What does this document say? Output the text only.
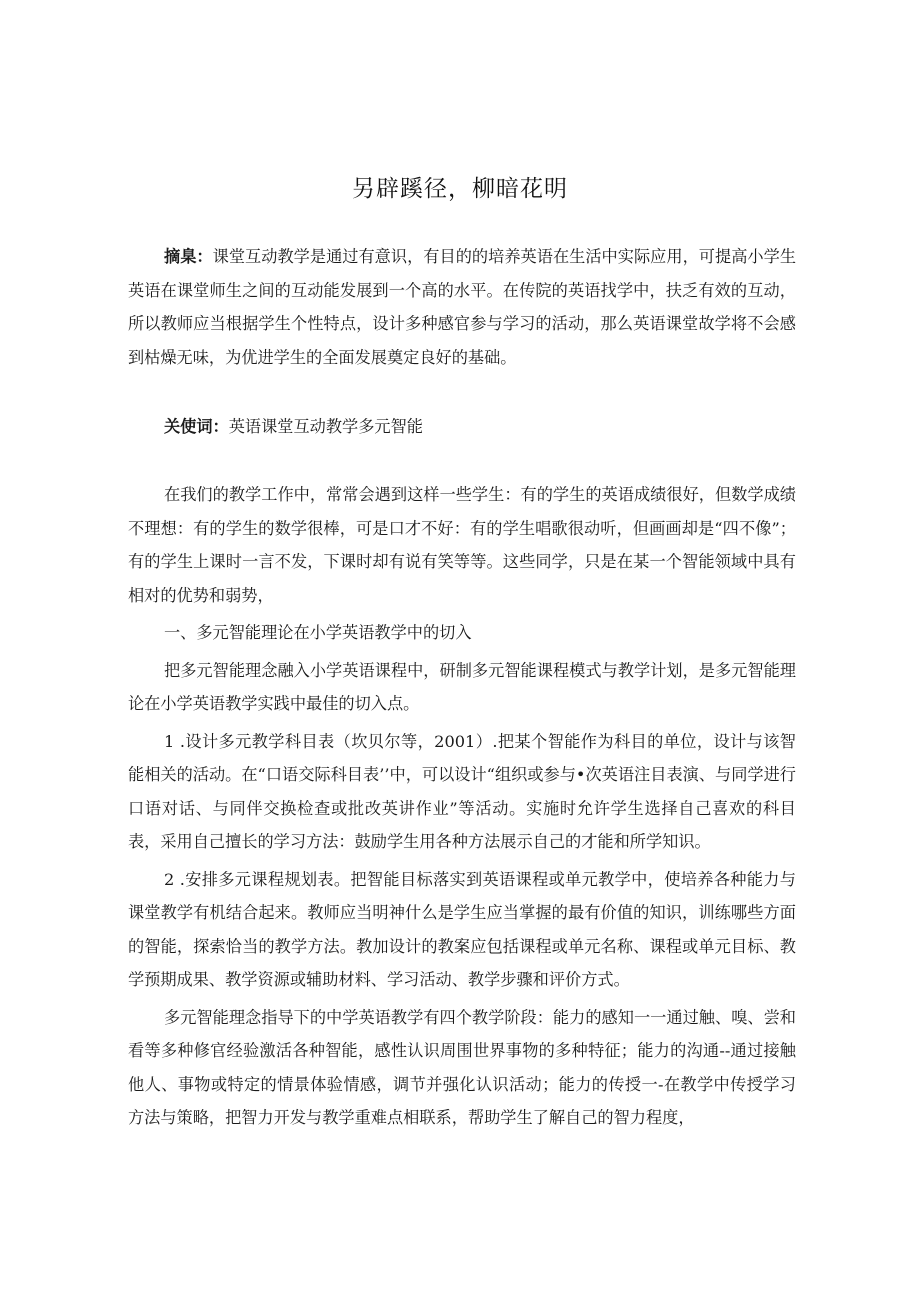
另辟蹊径，柳暗花明
摘臬：课堂互动教学是通过有意识，有目的的培养英语在生活中实际应用，可提高小学生英语在课堂师生之间的互动能发展到一个高的水平。在传院的英语找学中，扶乏有效的互动，所以教师应当根据学生个性特点，设计多种感官参与学习的活动，那么英语课堂故学将不会感到枯燥无味，为优进学生的全面发展奠定良好的基础。
关使词：英语课堂互动教学多元智能

在我们的教学工作中，常常会遇到这样一些学生：有的学生的英语成绩很好，但数学成绩不理想：有的学生的数学很棒，可是口才不好：有的学生唱歌很动听，但画画却是“四不像”；有的学生上课时一言不发，下课时却有说有笑等等。这些同学，只是在某一个智能领域中具有相对的优势和弱势，

一、多元智能理论在小学英语教学中的切入

把多元智能理念融入小学英语课程中，研制多元智能课程模式与教学计划，是多元智能理论在小学英语教学实践中最佳的切入点。

1 .设计多元教学科目表（坎贝尔等，2001）.把某个智能作为科目的单位，设计与该智能相关的活动。在“口语交际科目表’’中，可以设计“组织或参与•次英语注目表演、与同学进行口语对话、与同伴交换检查或批改英讲作业”等活动。实施时允许学生选择自己喜欢的科目表，采用自己擅长的学习方法：鼓励学生用各种方法展示自己的才能和所学知识。

2 .安排多元课程规划表。把智能目标落实到英语课程或单元教学中，使培养各种能力与课堂教学有机结合起来。教师应当明神什么是学生应当掌握的最有价值的知识，训练哪些方面的智能，探索恰当的教学方法。教加设计的教案应包括课程或单元名称、课程或单元目标、教学预期成果、教学资源或辅助材料、学习活动、教学步骤和评价方式。

多元智能理念指导下的中学英语教学有四个教学阶段：能力的感知一一通过触、嗅、尝和看等多种修官经验激活各种智能，感性认识周围世界事物的多种特征；能力的沟通--通过接触他人、事物或特定的情景体验情感，调节并强化认识活动；能力的传授一-在教学中传授学习方法与策略，把智力开发与教学重难点相联系，帮助学生了解自己的智力程度，
